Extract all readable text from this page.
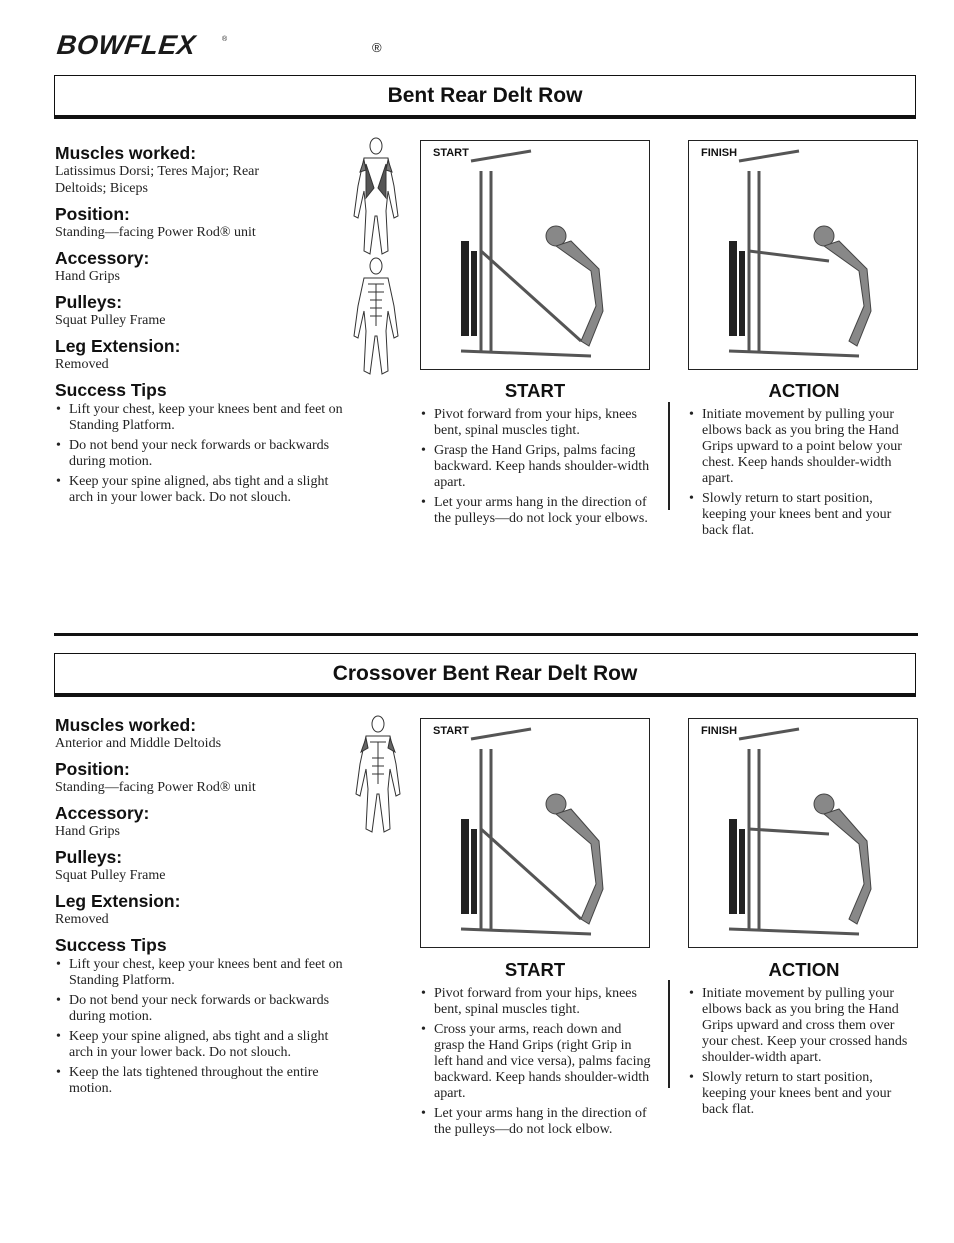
BOWFLEX	®
®
Bent Rear Delt Row
Muscles worked:
Latissimus Dorsi; Teres Major; Rear Deltoids; Biceps
Position:
Standing—facing Power Rod® unit
Accessory:
Hand Grips
Pulleys:
Squat Pulley Frame
Leg Extension:
Removed
Success Tips
• Lift your chest, keep your knees bent and feet on Standing Platform.
• Do not bend your neck forwards or backwards during motion.
• Keep your spine aligned, abs tight and a slight arch in your lower back. Do not slouch.
START	FINISH
START
• Pivot forward from your hips, knees bent, spinal muscles tight.
• Grasp the Hand Grips, palms facing backward. Keep hands shoulder-width apart.
• Let your arms hang in the direction of the pulleys—do not lock your elbows.
ACTION
• Initiate movement by pulling your elbows back as you bring the Hand Grips upward to a point below your chest. Keep hands shoulder-width apart.
• Slowly return to start position, keeping your knees bent and your back flat.
Crossover Bent Rear Delt Row
Muscles worked:
Anterior and Middle Deltoids
Position:
Standing—facing Power Rod® unit
Accessory:
Hand Grips
Pulleys:
Squat Pulley Frame
Leg Extension:
Removed
Success Tips
• Lift your chest, keep your knees bent and feet on Standing Platform.
• Do not bend your neck forwards or backwards during motion.
• Keep your spine aligned, abs tight and a slight arch in your lower back. Do not slouch.
• Keep the lats tightened throughout the entire motion.
START	FINISH
START
• Pivot forward from your hips, knees bent, spinal muscles tight.
• Cross your arms, reach down and grasp the Hand Grips (right Grip in left hand and vice versa), palms facing backward. Keep hands shoulder-width apart.
• Let your arms hang in the direction of the pulleys—do not lock elbow.
ACTION
• Initiate movement by pulling your elbows back as you bring the Hand Grips upward and cross them over your chest. Keep your crossed hands shoulder-width apart.
• Slowly return to start position, keeping your knees bent and your back flat.
